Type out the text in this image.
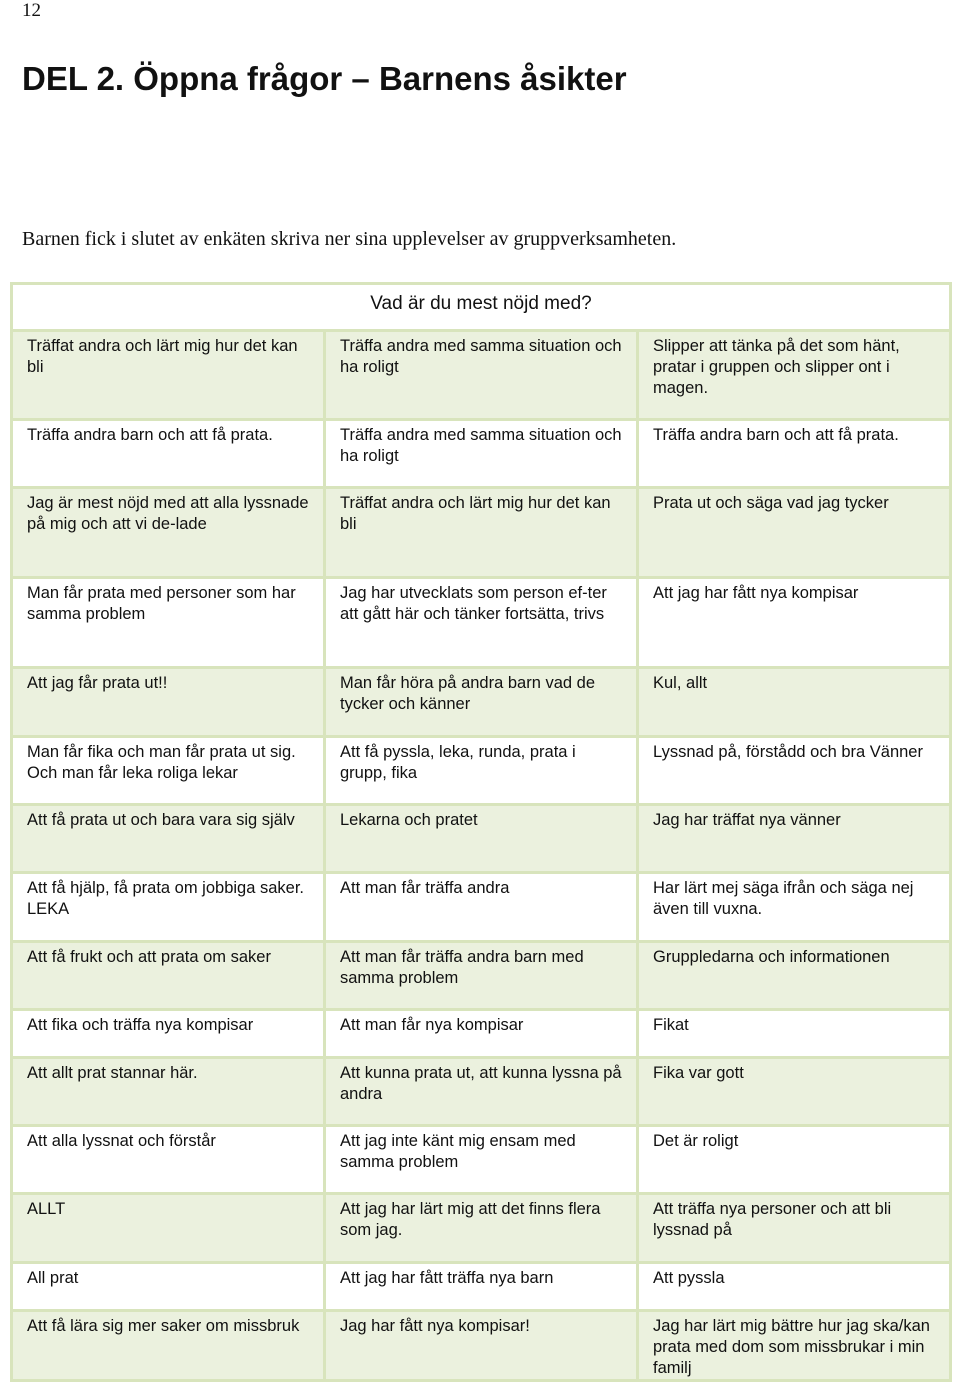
12
DEL 2. Öppna frågor – Barnens åsikter

Barnen fick i slutet av enkäten skriva ner sina upplevelser av gruppverksamheten.

Vad är du mest nöjd med?		
Träffat andra och lärt mig hur det kan bli	Träffa andra med samma situation och ha roligt	Slipper att tänka på det som hänt, pratar i gruppen och slipper ont i magen.
Träffa andra barn och att få prata.	Träffa andra med samma situation och ha roligt	Träffa andra barn och att få prata.
Jag är mest nöjd med att alla lyssnade på mig och att vi de-lade	Träffat andra och lärt mig hur det kan bli	Prata ut och säga vad jag tycker
Man får prata med personer som har samma problem	Jag har utvecklats som person ef-ter att gått här och tänker fortsätta, trivs	Att jag har fått nya kompisar
Att jag får prata ut!!	Man får höra på andra barn vad de tycker och känner	Kul, allt
Man får fika och man får prata ut sig. Och man får leka roliga lekar	Att få pyssla, leka, runda, prata i grupp, fika	Lyssnad på, förstådd och bra Vänner
Att få prata ut och bara vara sig själv	Lekarna och pratet	Jag har träffat nya vänner
Att få hjälp, få prata om jobbiga saker. LEKA	Att man får träffa andra	Har lärt mej säga ifrån och säga nej även till vuxna.
Att få frukt och att prata om saker	Att man får träffa andra barn med samma problem	Gruppledarna och informationen
Att fika och träffa nya kompisar	Att man får nya kompisar	Fikat
Att allt prat stannar här.	Att kunna prata ut, att kunna lyssna på andra	Fika var gott
Att alla lyssnat och förstår	Att jag inte känt mig ensam med samma problem	Det är roligt
ALLT	Att jag har lärt mig att det finns flera som jag.	Att träffa nya personer och att bli lyssnad på
All prat	Att jag har fått träffa nya barn	Att pyssla
Att få lära sig mer saker om missbruk	Jag har fått nya kompisar!	Jag har lärt mig bättre hur jag ska/kan prata med dom som missbrukar i min familj
